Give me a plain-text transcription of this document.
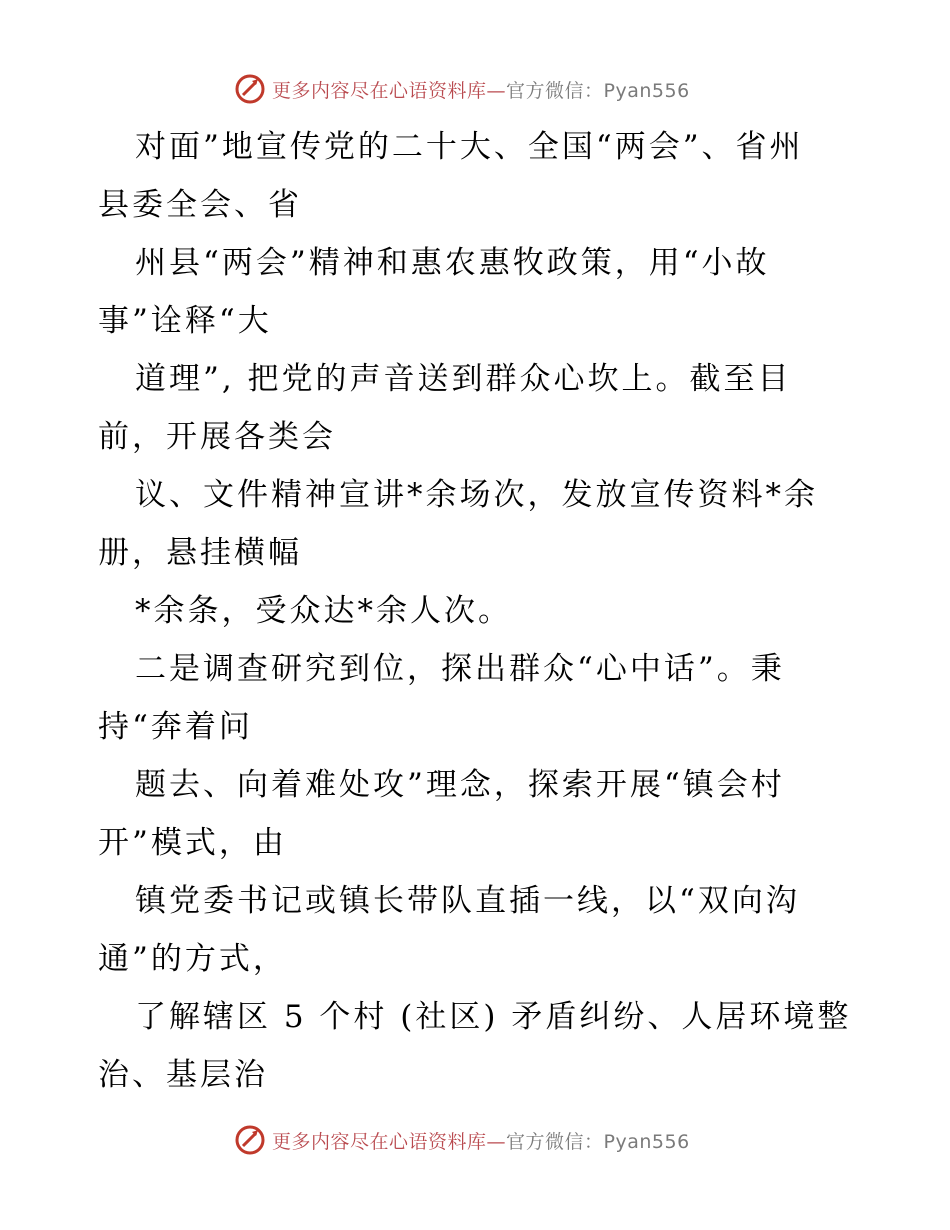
更多内容尽在心语资料库—官方微信：Pyan556
对面”地宣传党的二十大、全国“两会”、省州
县委全会、省
州县“两会”精神和惠农惠牧政策，用“小故
事”诠释“大
道理”, 把党的声音送到群众心坎上。截至目
前，开展各类会
议、文件精神宣讲*余场次，发放宣传资料*余
册，悬挂横幅
*余条，受众达*余人次。
二是调查研究到位，探出群众“心中话”。秉
持“奔着问
题去、向着难处攻”理念，探索开展“镇会村
开”模式，由
镇党委书记或镇长带队直插一线，以“双向沟
通”的方式，
了解辖区 5 个村 (社区) 矛盾纠纷、人居环境整
治、基层治
更多内容尽在心语资料库—官方微信：Pyan556
